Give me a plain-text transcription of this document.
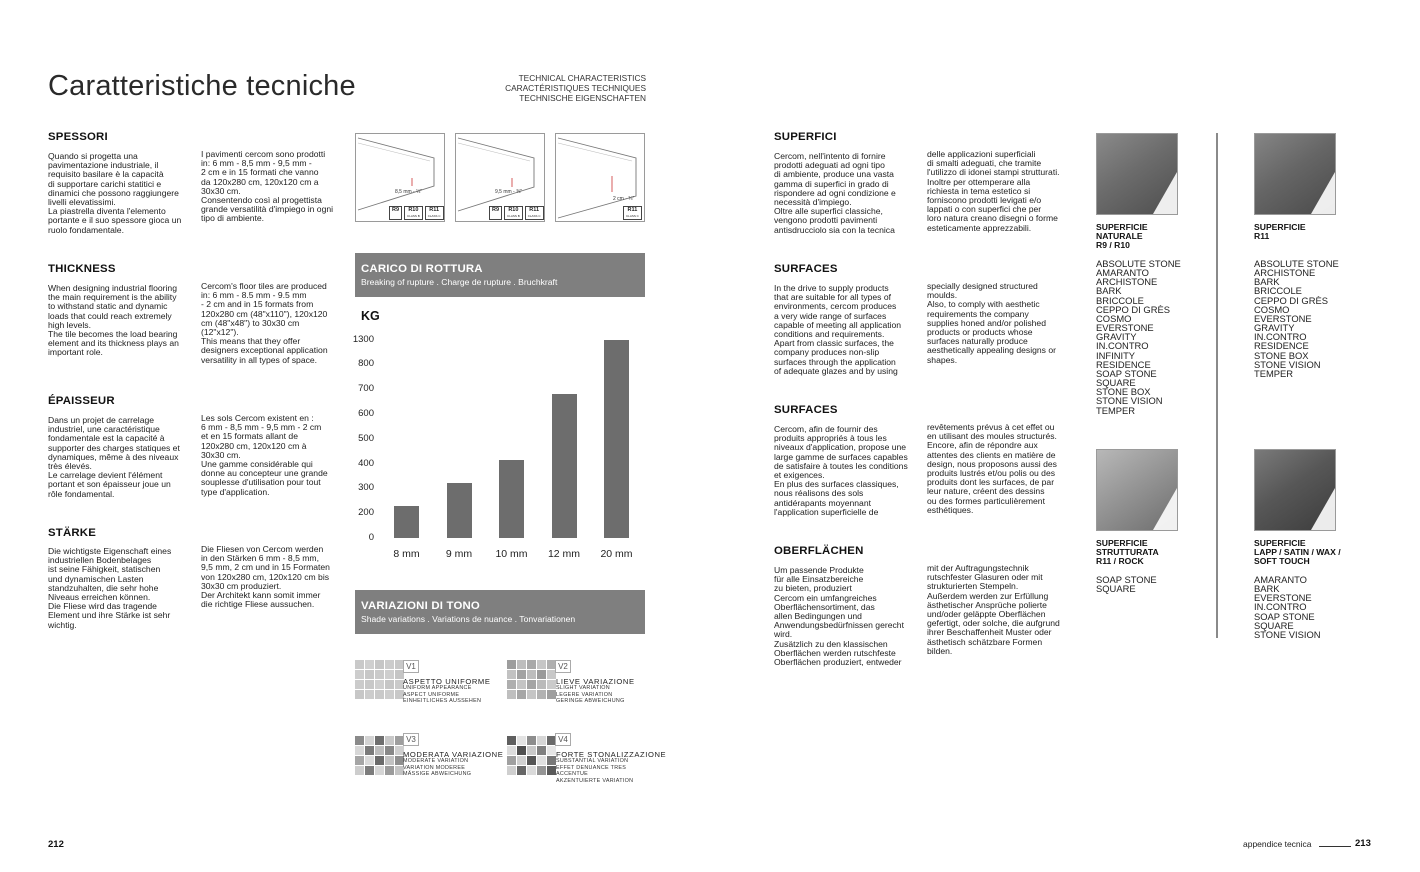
Caratteristiche tecniche	TECHNICAL CHARACTERISTICS
CARACTÉRISTIQUES TECHNIQUES
TECHNISCHE EIGENSCHAFTEN
SPESSORI
Quando si progetta una
pavimentazione industriale, il
requisito basilare è la capacità
di supportare carichi statitici e
dinamici che possono raggiungere
livelli elevatissimi.
La piastrella diventa l'elemento
portante e il suo spessore gioca un
ruolo fondamentale.
I pavimenti cercom sono prodotti
in: 6 mm - 8,5 mm - 9,5 mm -
2 cm e in 15 formati che vanno
da 120x280 cm, 120x120 cm a
30x30 cm.
Consentendo così al progettista
grande versatilità d'impiego in ogni
tipo di ambiente.
THICKNESS
When designing industrial flooring
the main requirement is the ability
to withstand static and dynamic
loads that could reach extremely
high levels.
The tile becomes the load bearing
element and its thickness plays an
important role.
Cercom's floor tiles are produced
in: 6 mm - 8.5 mm - 9.5 mm
- 2 cm and in 15 formats from
120x280 cm (48"x110"), 120x120
cm (48"x48") to 30x30 cm
(12"x12").
This means that they offer
designers exceptional application
versatility in all types of space.
ÉPAISSEUR
Dans un projet de carrelage
industriel, une caractéristique
fondamentale est la capacité à
supporter des charges statiques et
dynamiques, même à des niveaux
très élevés.
Le carrelage devient l'élément
portant et son épaisseur joue un
rôle fondamental.
Les sols Cercom existent en :
6 mm - 8,5 mm - 9,5 mm - 2 cm
et en 15 formats allant de
120x280 cm, 120x120 cm à
30x30 cm.
Une gamme considérable qui
donne au concepteur une grande
souplesse d'utilisation pour tout
type d'application.
STÄRKE
Die wichtigste Eigenschaft eines
industriellen Bodenbelages
ist seine Fähigkeit, statischen
und dynamischen Lasten
standzuhalten, die sehr hohe
Niveaus erreichen können.
Die Fliese wird das tragende
Element und ihre Stärke ist sehr
wichtig.
Die Fliesen von Cercom werden
in den Stärken 6 mm - 8,5 mm,
9,5 mm, 2 cm und in 15 Formaten
von 120x280 cm, 120x120 cm bis
30x30 cm produziert.
Der Architekt kann somit immer
die richtige Fliese aussuchen.
8,5 mm - ⅓"
R9 R10
CLASS B
R11
CLASS C
9,5 mm - ⅜"
R9 R10
CLASS B
R11
CLASS C
2 cm - ¾"
R11
CLASS C
CARICO DI ROTTURA
Breaking of rupture . Charge de rupture . Bruchkraft
KG
0
200
300
400
500
600
700
800
1300
8 mm	9 mm	10 mm	12 mm	20 mm
VARIAZIONI DI TONO
Shade variations . Variations de nuance . Tonvariationen
V1
ASPETTO UNIFORME
UNIFORM APPEARANCE
ASPECT UNIFORME
EINHEITLICHES AUSSEHEN
V2
LIEVE VARIAZIONE
SLIGHT VARIATION
LEGERE VARIATION
GERINGE ABWEICHUNG
V3
MODERATA VARIAZIONE
MODERATE VARIATION
VARIATION MODEREE
MÄSSIGE ABWEICHUNG
V4
FORTE STONALIZZAZIONE
SUBSTANTIAL VARIATION
EFFET DENUANCE TRES ACCENTUE
AKZENTUIERTE VARIATION
SUPERFICI
Cercom, nell'intento di fornire
prodotti adeguati ad ogni tipo
di ambiente, produce una vasta
gamma di superfici in grado di
rispondere ad ogni condizione e
necessità d'impiego.
Oltre alle superfici classiche,
vengono prodotti pavimenti
antisdrucciolo sia con la tecnica
delle applicazioni superficiali
di smalti adeguati, che tramite
l'utilizzo di idonei stampi strutturati.
Inoltre per ottemperare alla
richiesta in tema estetico si
forniscono prodotti levigati e/o
lappati o con superfici che per
loro natura creano disegni o forme
esteticamente apprezzabili.
SURFACES
In the drive to supply products
that are suitable for all types of
environments, cercom produces
a very wide range of surfaces
capable of meeting all application
conditions and requirements.
Apart from classic surfaces, the
company produces non-slip
surfaces through the application
of adequate glazes and by using
specially designed structured
moulds.
Also, to comply with aesthetic
requirements the company
supplies honed and/or polished
products or products whose
surfaces naturally produce
aesthetically appealing designs or
shapes.
SURFACES
Cercom, afin de fournir des
produits appropriés à tous les
niveaux d'application, propose une
large gamme de surfaces capables
de satisfaire à toutes les conditions
et exigences.
En plus des surfaces classiques,
nous réalisons des sols
antidérapants moyennant
l'application superficielle de
revêtements prévus à cet effet ou
en utilisant des moules structurés.
Encore, afin de répondre aux
attentes des clients en matière de
design, nous proposons aussi des
produits lustrés et/ou polis ou des
produits dont les surfaces, de par
leur nature, créent des dessins
ou des formes particulièrement
esthétiques.
OBERFLÄCHEN
Um passende Produkte
für alle Einsatzbereiche
zu bieten, produziert
Cercom ein umfangreiches
Oberflächensortiment, das
allen Bedingungen und
Anwendungsbedürfnissen gerecht
wird.
Zusätzlich zu den klassischen
Oberflächen werden rutschfeste
Oberflächen produziert, entweder
mit der Auftragungstechnik
rutschfester Glasuren oder mit
strukturierten Stempeln.
Außerdem werden zur Erfüllung
ästhetischer Ansprüche polierte
und/oder geläppte Oberflächen
gefertigt, oder solche, die aufgrund
ihrer Beschaffenheit Muster oder
ästhetisch schätzbare Formen
bilden.
SUPERFICIE
NATURALE
R9 / R10
ABSOLUTE STONE
AMARANTO
ARCHISTONE
BARK
BRICCOLE
CEPPO DI GRÈS
COSMO
EVERSTONE
GRAVITY
IN.CONTRO
INFINITY
RESIDENCE
SOAP STONE
SQUARE
STONE BOX
STONE VISION
TEMPER
SUPERFICIE
R11
ABSOLUTE STONE
ARCHISTONE
BARK
BRICCOLE
CEPPO DI GRÈS
COSMO
EVERSTONE
GRAVITY
IN.CONTRO
RESIDENCE
STONE BOX
STONE VISION
TEMPER
SUPERFICIE
STRUTTURATA
R11 / ROCK
SOAP STONE
SQUARE
SUPERFICIE
LAPP / SATIN / WAX /
SOFT TOUCH
AMARANTO
BARK
EVERSTONE
IN.CONTRO
SOAP STONE
SQUARE
STONE VISION
212	appendice tecnica	213
